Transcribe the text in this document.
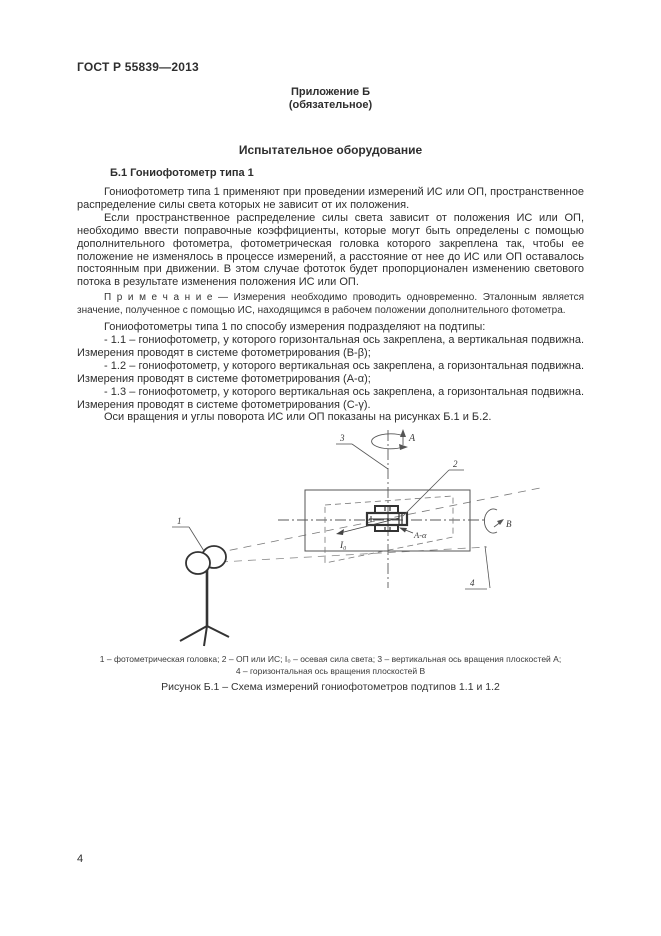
ГОСТ Р 55839—2013
Приложение Б
(обязательное)
Испытательное оборудование
Б.1 Гониофотометр типа 1

Гониофотометр типа 1 применяют при проведении измерений ИС или ОП, пространственное распределение силы света которых не зависит от их положения.

Если пространственное распределение силы света зависит от положения ИС или ОП, необходимо ввести поправочные коэффициенты, которые могут быть определены с помощью дополнительного фотометра, фотометрическая головка которого закреплена так, чтобы ее положение не изменялось в процессе измерений, а расстояние от нее до ИС или ОП оставалось постоянным при движении. В этом случае фототок будет пропорционален изменению светового потока в результате изменения положения ИС или ОП.

П р и м е ч а н и е — Измерения необходимо проводить одновременно. Эталонным является значение, полученное с помощью ИС, находящимся в рабочем положении дополнительного фотометра.

Гониофотометры типа 1 по способу измерения подразделяют на подтипы:

- 1.1 – гониофотометр, у которого горизонтальная ось закреплена, а вертикальная подвижна. Измерения проводят в системе фотометрирования (B-β);

- 1.2 – гониофотометр, у которого вертикальная ось закреплена, а горизонтальная подвижна. Измерения проводят в системе фотометрирования (A-α);

- 1.3 – гониофотометр, у которого вертикальная ось закреплена, а горизонтальная подвижна. Измерения проводят в системе фотометрирования (C-γ).

Оси вращения и углы поворота ИС или ОП показаны на рисунках Б.1 и Б.2.

A
B
I₀
A-α
1
2
3
4
1 – фотометрическая головка; 2 – ОП или ИС; I₀ – осевая сила света; 3 – вертикальная ось вращения плоскостей А;
4 – горизонтальная ось вращения плоскостей В
Рисунок Б.1 – Схема измерений гониофотометров подтипов 1.1 и 1.2
4
